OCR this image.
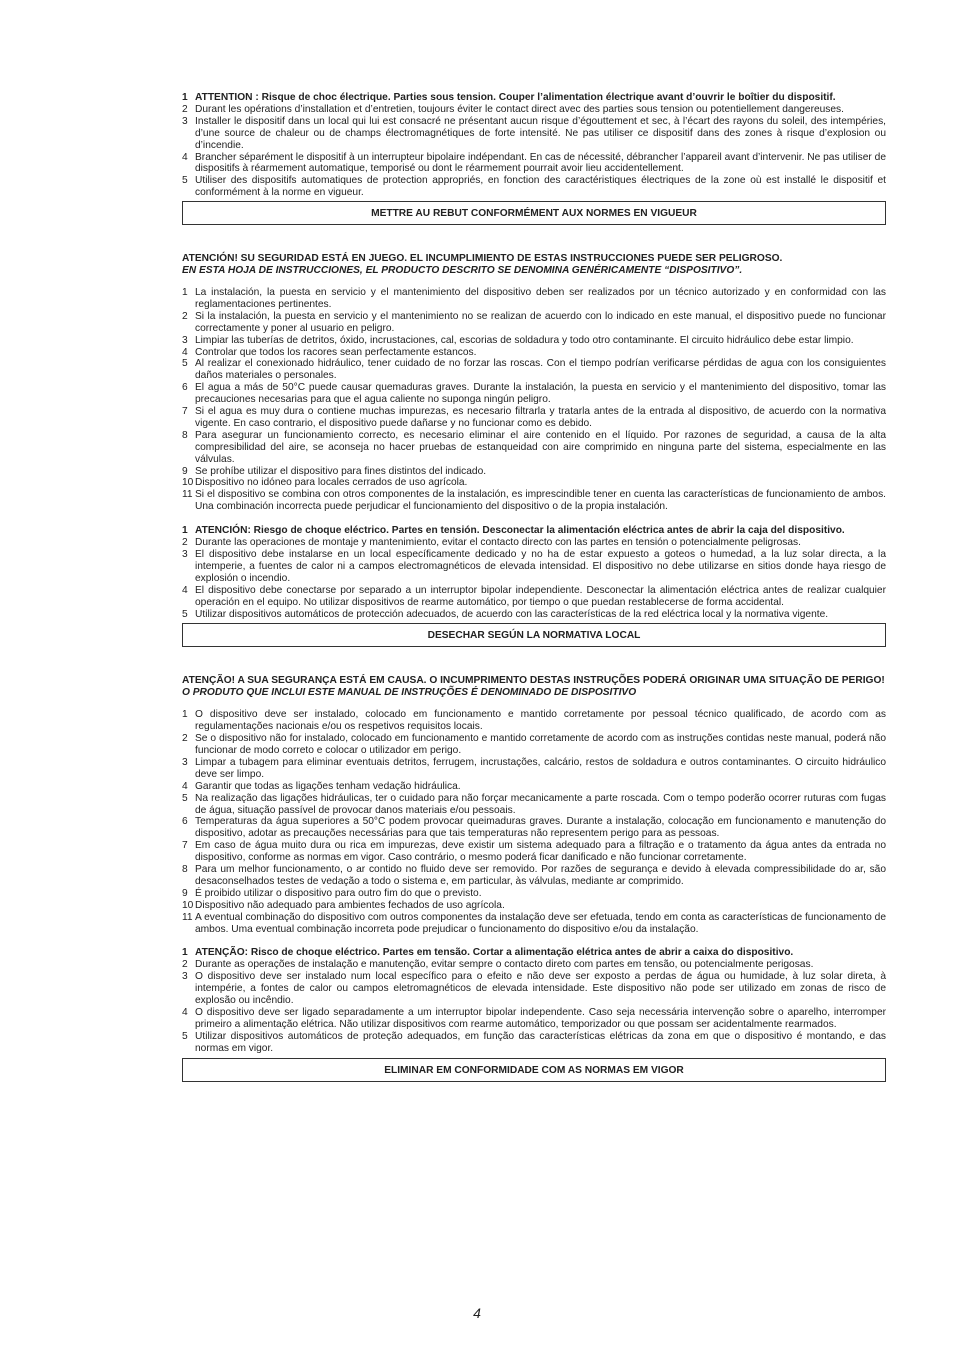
1 ATTENTION : Risque de choc électrique. Parties sous tension. Couper l’alimentation électrique avant d’ouvrir le boîtier du dispositif.
2 Durant les opérations d’installation et d’entretien, toujours éviter le contact direct avec des parties sous tension ou potentiellement dangereuses.
3 Installer le dispositif dans un local qui lui est consacré ne présentant aucun risque d’égouttement et sec, à l’écart des rayons du soleil, des intempéries, d’une source de chaleur ou de champs électromagnétiques de forte intensité. Ne pas utiliser ce dispositif dans des zones à risque d’explosion ou d’incendie.
4 Brancher séparément le dispositif à un interrupteur bipolaire indépendant. En cas de nécessité, débrancher l’appareil avant d’intervenir. Ne pas utiliser de dispositifs à réarmement automatique, temporisé ou dont le réarmement pourrait avoir lieu accidentellement.
5 Utiliser des dispositifs automatiques de protection appropriés, en fonction des caractéristiques électriques de la zone où est installé le dispositif et conformément à la norme en vigueur.
METTRE AU REBUT CONFORMÉMENT AUX NORMES EN VIGUEUR
ATENCIÓN! SU SEGURIDAD ESTÁ EN JUEGO. EL INCUMPLIMIENTO DE ESTAS INSTRUCCIONES PUEDE SER PELIGROSO.
EN ESTA HOJA DE INSTRUCCIONES, EL PRODUCTO DESCRITO SE DENOMINA GENÉRICAMENTE “DISPOSITIVO”.
1 La instalación, la puesta en servicio y el mantenimiento del dispositivo deben ser realizados por un técnico autorizado y en conformidad con las reglamentaciones pertinentes.
2 Si la instalación, la puesta en servicio y el mantenimiento no se realizan de acuerdo con lo indicado en este manual, el dispositivo puede no funcionar correctamente y poner al usuario en peligro.
3 Limpiar las tuberías de detritos, óxido, incrustaciones, cal, escorias de soldadura y todo otro contaminante. El circuito hidráulico debe estar limpio.
4 Controlar que todos los racores sean perfectamente estancos.
5 Al realizar el conexionado hidráulico, tener cuidado de no forzar las roscas. Con el tiempo podrían verificarse pérdidas de agua con los consiguientes daños materiales o personales.
6 El agua a más de 50°C puede causar quemaduras graves. Durante la instalación, la puesta en servicio y el mantenimiento del dispositivo, tomar las precauciones necesarias para que el agua caliente no suponga ningún peligro.
7 Si el agua es muy dura o contiene muchas impurezas, es necesario filtrarla y tratarla antes de la entrada al dispositivo, de acuerdo con la normativa vigente. En caso contrario, el dispositivo puede dañarse y no funcionar como es debido.
8 Para asegurar un funcionamiento correcto, es necesario eliminar el aire contenido en el líquido. Por razones de seguridad, a causa de la alta compresibilidad del aire, se aconseja no hacer pruebas de estanqueidad con aire comprimido en ninguna parte del sistema, especialmente en las válvulas.
9 Se prohíbe utilizar el dispositivo para fines distintos del indicado.
10 Dispositivo no idóneo para locales cerrados de uso agrícola.
11 Si el dispositivo se combina con otros componentes de la instalación, es imprescindible tener en cuenta las características de funcionamiento de ambos. Una combinación incorrecta puede perjudicar el funcionamiento del dispositivo o de la propia instalación.
1 ATENCIÓN: Riesgo de choque eléctrico. Partes en tensión. Desconectar la alimentación eléctrica antes de abrir la caja del dispositivo.
2 Durante las operaciones de montaje y mantenimiento, evitar el contacto directo con las partes en tensión o potencialmente peligrosas.
3 El dispositivo debe instalarse en un local específicamente dedicado y no ha de estar expuesto a goteos o humedad, a la luz solar directa, a la intemperie, a fuentes de calor ni a campos electromagnéticos de elevada intensidad. El dispositivo no debe utilizarse en sitios donde haya riesgo de explosión o incendio.
4 El dispositivo debe conectarse por separado a un interruptor bipolar independiente. Desconectar la alimentación eléctrica antes de realizar cualquier operación en el equipo. No utilizar dispositivos de rearme automático, por tiempo o que puedan restablecerse de forma accidental.
5 Utilizar dispositivos automáticos de protección adecuados, de acuerdo con las características de la red eléctrica local y la normativa vigente.
DESECHAR SEGÚN LA NORMATIVA LOCAL
ATENÇÃO! A SUA SEGURANÇA ESTÁ EM CAUSA. O INCUMPRIMENTO DESTAS INSTRUÇÕES PODERÁ ORIGINAR UMA SITUAÇÃO DE PERIGO!
O PRODUTO QUE INCLUI ESTE MANUAL DE INSTRUÇÕES É DENOMINADO DE DISPOSITIVO
1 O dispositivo deve ser instalado, colocado em funcionamento e mantido corretamente por pessoal técnico qualificado, de acordo com as regulamentações nacionais e/ou os respetivos requisitos locais.
2 Se o dispositivo não for instalado, colocado em funcionamento e mantido corretamente de acordo com as instruções contidas neste manual, poderá não funcionar de modo correto e colocar o utilizador em perigo.
3 Limpar a tubagem para eliminar eventuais detritos, ferrugem, incrustações, calcário, restos de soldadura e outros contaminantes. O circuito hidráulico deve ser limpo.
4 Garantir que todas as ligações tenham vedação hidráulica.
5 Na realização das ligações hidráulicas, ter o cuidado para não forçar mecanicamente a parte roscada. Com o tempo poderão ocorrer ruturas com fugas de água, situação passível de provocar danos materiais e/ou pessoais.
6 Temperaturas da água superiores a 50°C podem provocar queimaduras graves. Durante a instalação, colocação em funcionamento e manutenção do dispositivo, adotar as precauções necessárias para que tais temperaturas não representem perigo para as pessoas.
7 Em caso de água muito dura ou rica em impurezas, deve existir um sistema adequado para a filtração e o tratamento da água antes da entrada no dispositivo, conforme as normas em vigor. Caso contrário, o mesmo poderá ficar danificado e não funcionar corretamente.
8 Para um melhor funcionamento, o ar contido no fluido deve ser removido. Por razões de segurança e devido à elevada compressibilidade do ar, são desaconselhados testes de vedação a todo o sistema e, em particular, às válvulas, mediante ar comprimido.
9 É proibido utilizar o dispositivo para outro fim do que o previsto.
10 Dispositivo não adequado para ambientes fechados de uso agrícola.
11 A eventual combinação do dispositivo com outros componentes da instalação deve ser efetuada, tendo em conta as características de funcionamento de ambos. Uma eventual combinação incorreta pode prejudicar o funcionamento do dispositivo e/ou da instalação.
1 ATENÇÃO: Risco de choque eléctrico. Partes em tensão. Cortar a alimentação elétrica antes de abrir a caixa do dispositivo.
2 Durante as operações de instalação e manutenção, evitar sempre o contacto direto com partes em tensão, ou potencialmente perigosas.
3 O dispositivo deve ser instalado num local específico para o efeito e não deve ser exposto a perdas de água ou humidade, à luz solar direta, à intempérie, a fontes de calor ou campos eletromagnéticos de elevada intensidade. Este dispositivo não pode ser utilizado em zonas de risco de explosão ou incêndio.
4 O dispositivo deve ser ligado separadamente a um interruptor bipolar independente. Caso seja necessária intervenção sobre o aparelho, interromper primeiro a alimentação elétrica. Não utilizar dispositivos com rearme automático, temporizador ou que possam ser acidentalmente rearmados.
5 Utilizar dispositivos automáticos de proteção adequados, em função das características elétricas da zona em que o dispositivo é montando, e das normas em vigor.
ELIMINAR EM CONFORMIDADE COM AS NORMAS EM VIGOR
4
